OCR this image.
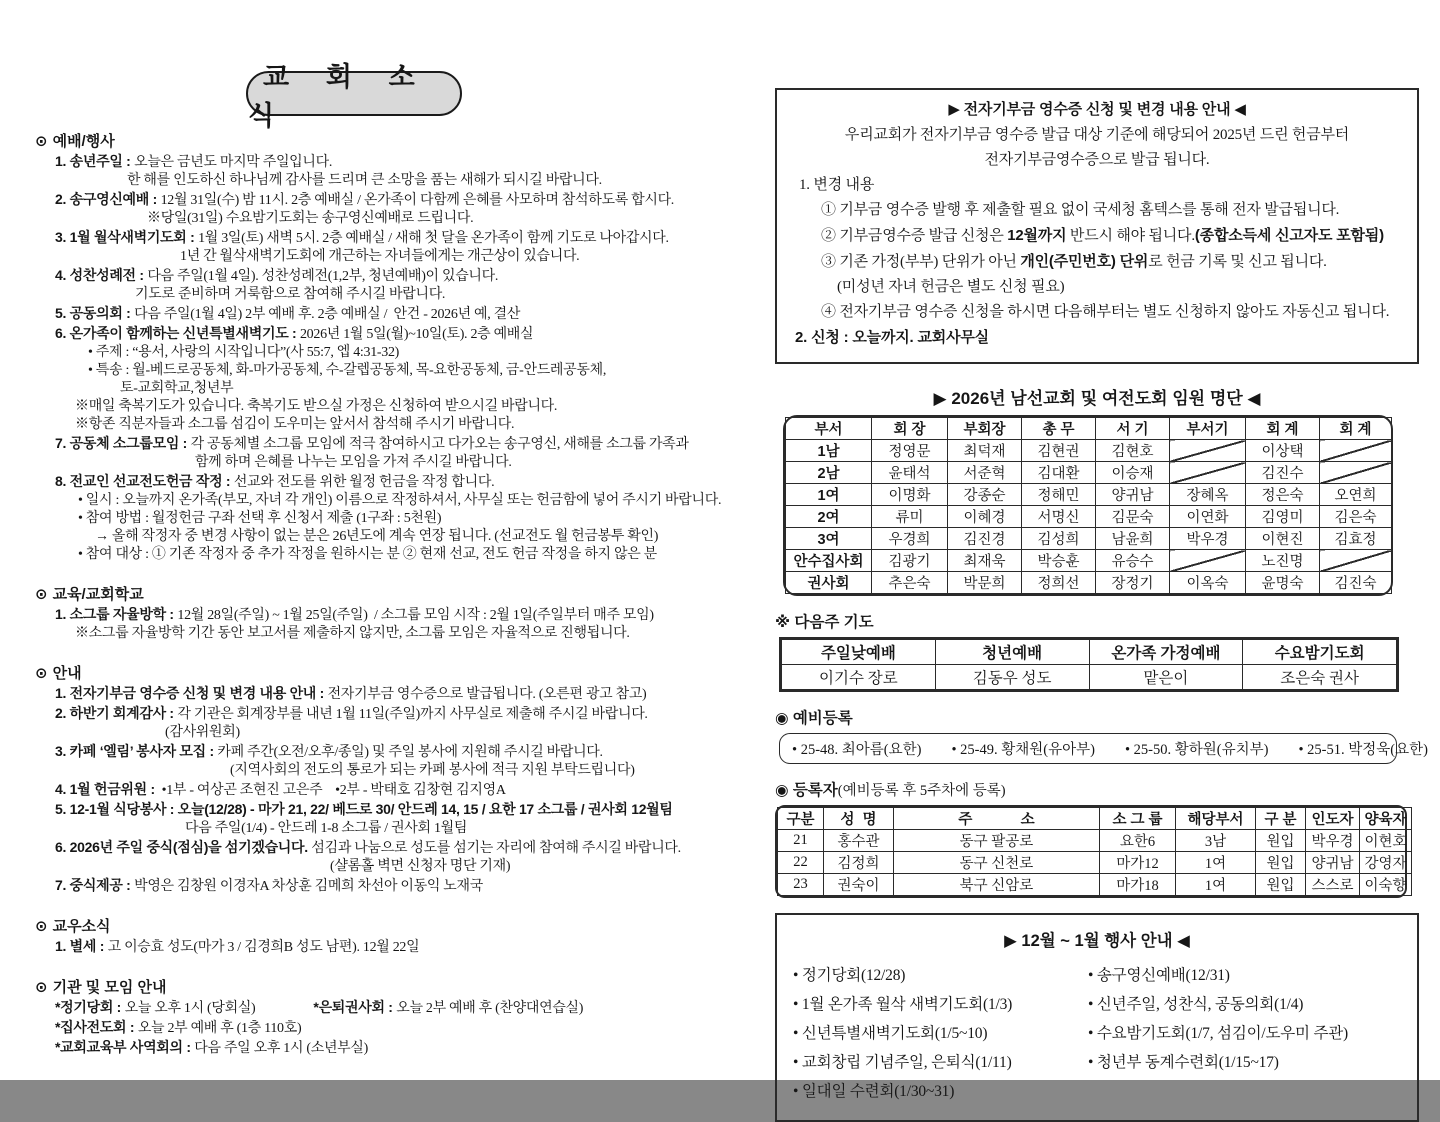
교 회 소 식
⊙ 예배/행사
1. 송년주일 : 오늘은 금년도 마지막 주일입니다.
한 해를 인도하신 하나님께 감사를 드리며 큰 소망을 품는 새해가 되시길 바랍니다.
2. 송구영신예배 : 12월 31일(수) 밤 11시. 2층 예배실 / 온가족이 다함께 은혜를 사모하며 참석하도록 합시다.
※당일(31일) 수요밤기도회는 송구영신예배로 드립니다.
3. 1월 월삭새벽기도회 : 1월 3일(토) 새벽 5시. 2층 예배실 / 새해 첫 달을 온가족이 함께 기도로 나아갑시다.
1년 간 월삭새벽기도회에 개근하는 자녀들에게는 개근상이 있습니다.
4. 성찬성례전 : 다음 주일(1월 4일). 성찬성례전(1,2부, 청년예배)이 있습니다.
기도로 준비하며 거룩함으로 참여해 주시길 바랍니다.
5. 공동의회 : 다음 주일(1월 4일) 2부 예배 후. 2층 예배실 /  안건 - 2026년 예, 결산
6. 온가족이 함께하는 신년특별새벽기도 : 2026년 1월 5일(월)~10일(토). 2층 예배실
• 주제 : “용서, 사랑의 시작입니다”(사 55:7, 엡 4:31-32)
• 특송 : 월-베드로공동체, 화-마가공동체, 수-갈렙공동체, 목-요한공동체, 금-안드레공동체,
토-교회학교,청년부
※매일 축복기도가 있습니다. 축복기도 받으실 가정은 신청하여 받으시길 바랍니다.
※항존 직분자들과 소그룹 섬김이 도우미는 앞서서 참석해 주시기 바랍니다.
7. 공동체 소그룹모임 : 각 공동체별 소그룹 모임에 적극 참여하시고 다가오는 송구영신, 새해를 소그룹 가족과
함께 하며 은혜를 나누는 모임을 가져 주시길 바랍니다.
8. 전교인 선교전도헌금 작정 : 선교와 전도를 위한 월정 헌금을 작정 합니다.
• 일시 : 오늘까지 온가족(부모, 자녀 각 개인) 이름으로 작정하셔서, 사무실 또는 헌금함에 넣어 주시기 바랍니다.
• 참여 방법 : 월정헌금 구좌 선택 후 신청서 제출 (1구좌 : 5천원)
→ 올해 작정자 중 변경 사항이 없는 분은 26년도에 계속 연장 됩니다. (선교전도 월 헌금봉투 확인)
• 참여 대상 : ① 기존 작정자 중 추가 작정을 원하시는 분 ② 현재 선교, 전도 헌금 작정을 하지 않은 분
⊙ 교육/교회학교
1. 소그룹 자율방학 : 12월 28일(주일) ~ 1월 25일(주일)  / 소그룹 모임 시작 : 2월 1일(주일부터 매주 모임)
※소그룹 자율방학 기간 동안 보고서를 제출하지 않지만, 소그룹 모임은 자율적으로 진행됩니다.
⊙ 안내
1. 전자기부금 영수증 신청 및 변경 내용 안내 : 전자기부금 영수증으로 발급됩니다. (오른편 광고 참고)
2. 하반기 회계감사 : 각 기관은 회계장부를 내년 1월 11일(주일)까지 사무실로 제출해 주시길 바랍니다.
(감사위원회)
3. 카페 ‘엘림’ 봉사자 모집 : 카페 주간(오전/오후/종일) 및 주일 봉사에 지원해 주시길 바랍니다.
(지역사회의 전도의 통로가 되는 카페 봉사에 적극 지원 부탁드립니다)
4. 1월 헌금위원 :  •1부 - 여상곤 조현진 고은주    •2부 - 박태호 김창현 김지영A
5. 12-1월 식당봉사 : 오늘(12/28) - 마가 21, 22/ 베드로 30/ 안드레 14, 15 / 요한 17 소그룹 / 권사회 12월팀
다음 주일(1/4) - 안드레 1-8 소그룹 / 권사회 1월팀
6. 2026년 주일 중식(점심)을 섬기겠습니다. 섬김과 나눔으로 성도를 섬기는 자리에 참여해 주시길 바랍니다.
(샬롬홀 벽면 신청자 명단 기재)
7. 중식제공 : 박영은 김창원 이경자A 차상훈 김메희 차선아 이동익 노재국
⊙ 교우소식
1. 별세 : 고 이승효 성도(마가 3 / 김경희B 성도 남편). 12월 22일
⊙ 기관 및 모임 안내
*정기당회 : 오늘 오후 1시 (당회실)	*은퇴권사회 : 오늘 2부 예배 후 (찬양대연습실)
*집사전도회 : 오늘 2부 예배 후 (1층 110호)
*교회교육부 사역회의 : 다음 주일 오후 1시 (소년부실)
▶ 전자기부금 영수증 신청 및 변경 내용 안내 ◀
우리교회가 전자기부금 영수증 발급 대상 기준에 해당되어 2025년 드린 헌금부터
전자기부금영수증으로 발급 됩니다.
1. 변경 내용
① 기부금 영수증 발행 후 제출할 필요 없이 국세청 홈텍스를 통해 전자 발급됩니다.
② 기부금영수증 발급 신청은 12월까지 반드시 해야 됩니다.(종합소득세 신고자도 포함됨)
③ 기존 가정(부부) 단위가 아닌 개인(주민번호) 단위로 헌금 기록 및 신고 됩니다.
(미성년 자녀 헌금은 별도 신청 필요)
④ 전자기부금 영수증 신청을 하시면 다음해부터는 별도 신청하지 않아도 자동신고 됩니다.
2. 신청 : 오늘까지. 교회사무실
▶ 2026년 남선교회 및 여전도회 임원 명단 ◀
부서	회 장	부회장	총 무	서 기	부서기	회 계	회 계
1남	정영문	최덕재	김현권	김현호		이상택	
2남	윤태석	서준혁	김대환	이승재		김진수	
1여	이명화	강종순	정해민	양귀남	장혜옥	정은숙	오연희
2여	류미	이혜경	서명신	김문숙	이연화	김영미	김은숙
3여	우경희	김진경	김성희	남윤희	박우경	이현진	김효정
안수집사회	김광기	최재욱	박승훈	유승수		노진명	
권사회	추은숙	박문희	정희선	장정기	이옥숙	윤명숙	김진숙
※ 다음주 기도
주일낮예배	청년예배	온가족 가정예배	수요밤기도회
이기수 장로	김동우 성도	맡은이	조은숙 권사
◉ 예비등록
• 25-48. 최아름(요한) • 25-49. 황채원(유아부) • 25-50. 황하원(유치부) • 25-51. 박정욱(요한)
◉ 등록자(예비등록 후 5주차에 등록)
구분	성  명	주            소	소 그 룹	해당부서	구 분	인도자	양육자
21	홍수관	동구 팔공로	요한6	3남	원입	박우경	이현호
22	김정희	동구 신천로	마가12	1여	원입	양귀남	강영자
23	권숙이	북구 신암로	마가18	1여	원입	스스로	이숙향
▶ 12월 ~ 1월 행사 안내 ◀
• 정기당회(12/28)
• 1월 온가족 월삭 새벽기도회(1/3)
• 신년특별새벽기도회(1/5~10)
• 교회창립 기념주일, 은퇴식(1/11)
• 일대일 수련회(1/30~31)
• 송구영신예배(12/31)
• 신년주일, 성찬식, 공동의회(1/4)
• 수요밤기도회(1/7, 섬김이/도우미 주관)
• 청년부 동계수련회(1/15~17)
